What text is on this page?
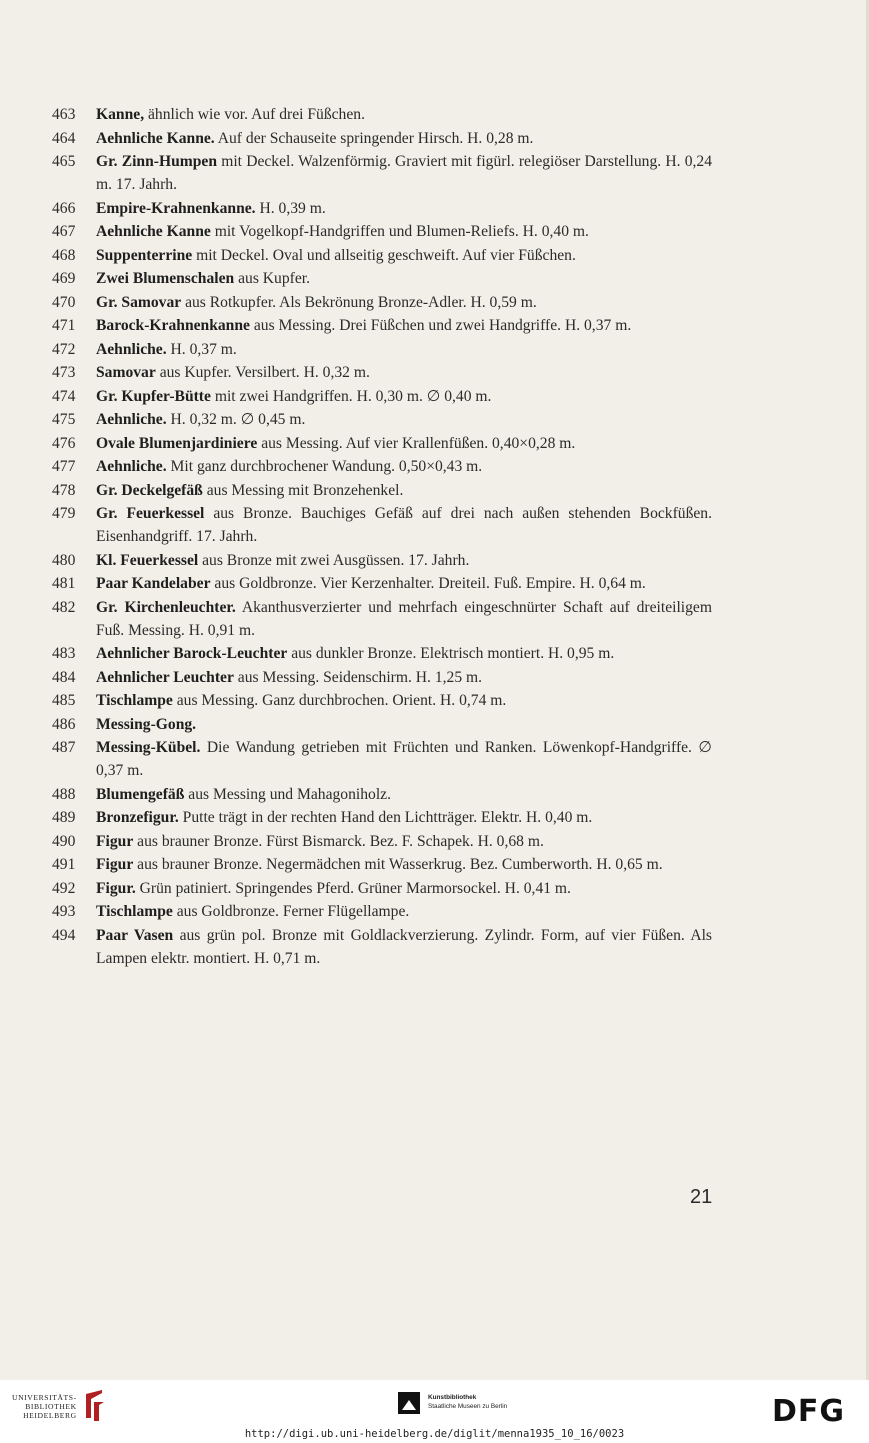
463	Kanne, ähnlich wie vor. Auf drei Füßchen.
464	Aehnliche Kanne. Auf der Schauseite springender Hirsch. H. 0,28 m.
465	Gr. Zinn-Humpen mit Deckel. Walzenförmig. Graviert mit figürl. relegiöser Darstellung. H. 0,24 m. 17. Jahrh.
466	Empire-Krahnenkanne. H. 0,39 m.
467	Aehnliche Kanne mit Vogelkopf-Handgriffen und Blumen-Reliefs. H. 0,40 m.
468	Suppenterrine mit Deckel. Oval und allseitig geschweift. Auf vier Füßchen.
469	Zwei Blumenschalen aus Kupfer.
470	Gr. Samovar aus Rotkupfer. Als Bekrönung Bronze-Adler. H. 0,59 m.
471	Barock-Krahnenkanne aus Messing. Drei Füßchen und zwei Handgriffe. H. 0,37 m.
472	Aehnliche. H. 0,37 m.
473	Samovar aus Kupfer. Versilbert. H. 0,32 m.
474	Gr. Kupfer-Bütte mit zwei Handgriffen. H. 0,30 m. ∅ 0,40 m.
475	Aehnliche. H. 0,32 m. ∅ 0,45 m.
476	Ovale Blumenjardiniere aus Messing. Auf vier Krallenfüßen. 0,40×0,28 m.
477	Aehnliche. Mit ganz durchbrochener Wandung. 0,50×0,43 m.
478	Gr. Deckelgefäß aus Messing mit Bronzehenkel.
479	Gr. Feuerkessel aus Bronze. Bauchiges Gefäß auf drei nach außen stehenden Bockfüßen. Eisenhandgriff. 17. Jahrh.
480	Kl. Feuerkessel aus Bronze mit zwei Ausgüssen. 17. Jahrh.
481	Paar Kandelaber aus Goldbronze. Vier Kerzenhalter. Dreiteil. Fuß. Empire. H. 0,64 m.
482	Gr. Kirchenleuchter. Akanthusverzierter und mehrfach eingeschnürter Schaft auf dreiteiligem Fuß. Messing. H. 0,91 m.
483	Aehnlicher Barock-Leuchter aus dunkler Bronze. Elektrisch montiert. H. 0,95 m.
484	Aehnlicher Leuchter aus Messing. Seidenschirm. H. 1,25 m.
485	Tischlampe aus Messing. Ganz durchbrochen. Orient. H. 0,74 m.
486	Messing-Gong.
487	Messing-Kübel. Die Wandung getrieben mit Früchten und Ranken. Löwenkopf-Handgriffe. ∅ 0,37 m.
488	Blumengefäß aus Messing und Mahagoniholz.
489	Bronzefigur. Putte trägt in der rechten Hand den Lichtträger. Elektr. H. 0,40 m.
490	Figur aus brauner Bronze. Fürst Bismarck. Bez. F. Schapek. H. 0,68 m.
491	Figur aus brauner Bronze. Negermädchen mit Wasserkrug. Bez. Cumberworth. H. 0,65 m.
492	Figur. Grün patiniert. Springendes Pferd. Grüner Marmorsockel. H. 0,41 m.
493	Tischlampe aus Goldbronze. Ferner Flügellampe.
494	Paar Vasen aus grün pol. Bronze mit Goldlackverzierung. Zylindr. Form, auf vier Füßen. Als Lampen elektr. montiert. H. 0,71 m.
21
UNIVERSITÄTS-
BIBLIOTHEK
HEIDELBERG
Kunstbibliothek
Staatliche Museen zu Berlin	DFG
http://digi.ub.uni-heidelberg.de/diglit/menna1935_10_16/0023
